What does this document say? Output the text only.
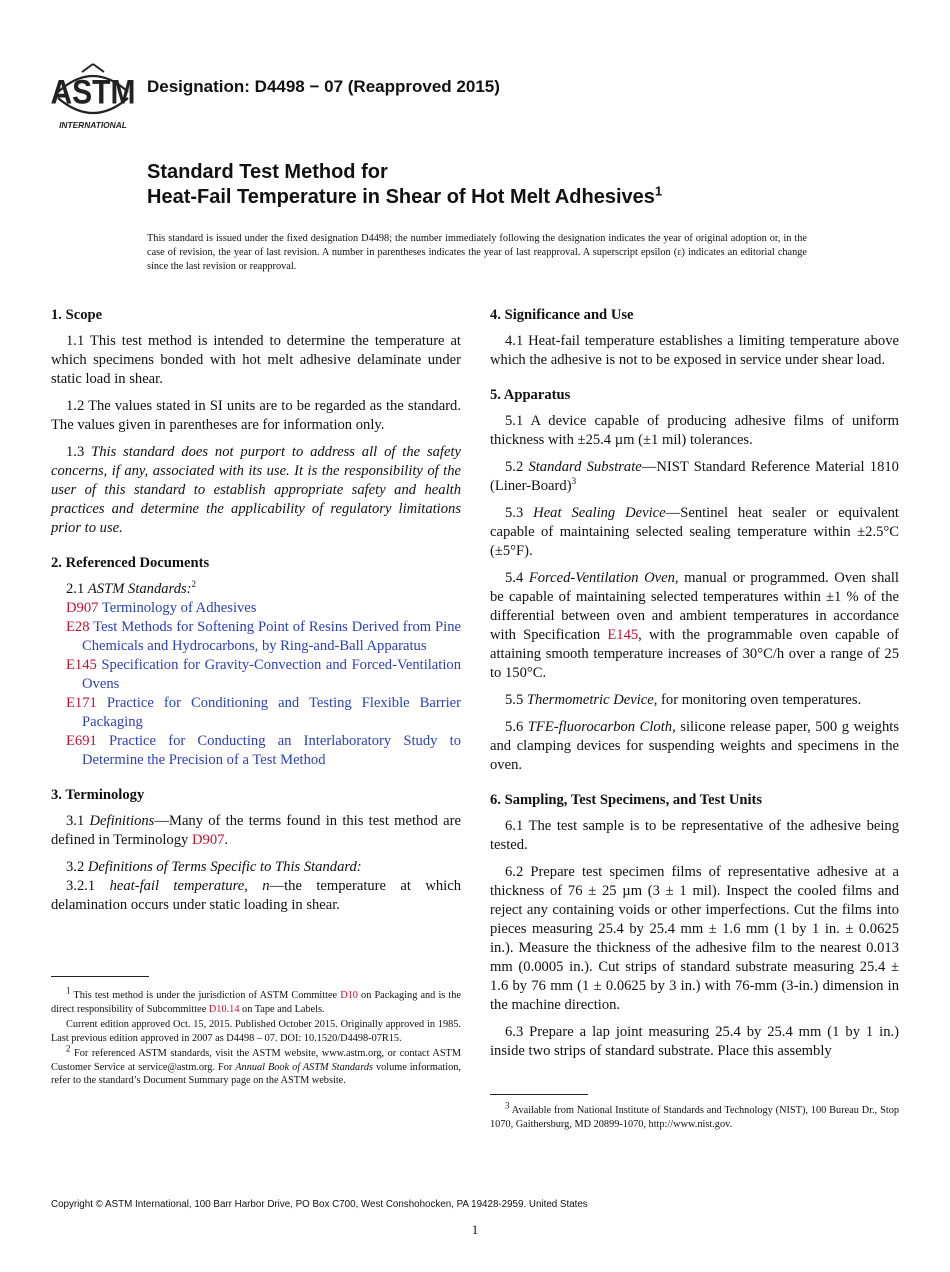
ASTM
INTERNATIONAL
Designation: D4498 − 07 (Reapproved 2015)
Standard Test Method for
Heat-Fail Temperature in Shear of Hot Melt Adhesives$^1$
This standard is issued under the fixed designation D4498; the number immediately following the designation indicates the year of original adoption or, in the case of revision, the year of last revision. A number in parentheses indicates the year of last reapproval. A superscript epsilon (ε) indicates an editorial change since the last revision or reapproval.
1. Scope

1.1 This test method is intended to determine the temperature at which specimens bonded with hot melt adhesive delaminate under static load in shear.

1.2 The values stated in SI units are to be regarded as the standard. The values given in parentheses are for information only.

1.3 This standard does not purport to address all of the safety concerns, if any, associated with its use. It is the responsibility of the user of this standard to establish appropriate safety and health practices and determine the applicability of regulatory limitations prior to use.

2. Referenced Documents

2.1 ASTM Standards:$^2$

D907 Terminology of Adhesives
E28 Test Methods for Softening Point of Resins Derived from Pine Chemicals and Hydrocarbons, by Ring-and-Ball Apparatus
E145 Specification for Gravity-Convection and Forced-Ventilation Ovens
E171 Practice for Conditioning and Testing Flexible Barrier Packaging
E691 Practice for Conducting an Interlaboratory Study to Determine the Precision of a Test Method
3. Terminology

3.1 Definitions—Many of the terms found in this test method are defined in Terminology D907.

3.2 Definitions of Terms Specific to This Standard:

3.2.1 heat-fail temperature, n—the temperature at which delamination occurs under static loading in shear.

$^1$ This test method is under the jurisdiction of ASTM Committee D10 on Packaging and is the direct responsibility of Subcommittee D10.14 on Tape and Labels.

Current edition approved Oct. 15, 2015. Published October 2015. Originally approved in 1985. Last previous edition approved in 2007 as D4498 – 07. DOI: 10.1520/D4498-07R15.

$^2$ For referenced ASTM standards, visit the ASTM website, www.astm.org, or contact ASTM Customer Service at service@astm.org. For Annual Book of ASTM Standards volume information, refer to the standard’s Document Summary page on the ASTM website.

4. Significance and Use

4.1 Heat-fail temperature establishes a limiting temperature above which the adhesive is not to be exposed in service under shear load.

5. Apparatus

5.1 A device capable of producing adhesive films of uniform thickness with ±25.4 µm (±1 mil) tolerances.

5.2 Standard Substrate—NIST Standard Reference Material 1810 (Liner-Board)$^3$

5.3 Heat Sealing Device—Sentinel heat sealer or equivalent capable of maintaining selected sealing temperature within ±2.5°C (±5°F).

5.4 Forced-Ventilation Oven, manual or programmed. Oven shall be capable of maintaining selected temperatures within ±1 % of the differential between oven and ambient temperatures in accordance with Specification E145, with the programmable oven capable of attaining smooth temperature increases of 30°C/h over a range of 25 to 150°C.

5.5 Thermometric Device, for monitoring oven temperatures.

5.6 TFE-fluorocarbon Cloth, silicone release paper, 500 g weights and clamping devices for suspending weights and specimens in the oven.

6. Sampling, Test Specimens, and Test Units

6.1 The test sample is to be representative of the adhesive being tested.

6.2 Prepare test specimen films of representative adhesive at a thickness of 76 ± 25 µm (3 ± 1 mil). Inspect the cooled films and reject any containing voids or other imperfections. Cut the films into pieces measuring 25.4 by 25.4 mm ± 1.6 mm (1 by 1 in. ± 0.0625 in.). Measure the thickness of the adhesive film to the nearest 0.013 mm (0.0005 in.). Cut strips of standard substrate measuring 25.4 ± 1.6 by 76 mm (1 ± 0.0625 by 3 in.) with 76-mm (3-in.) dimension in the machine direction.

6.3 Prepare a lap joint measuring 25.4 by 25.4 mm (1 by 1 in.) inside two strips of standard substrate. Place this assembly

$^3$ Available from National Institute of Standards and Technology (NIST), 100 Bureau Dr., Stop 1070, Gaithersburg, MD 20899-1070, http://www.nist.gov.

Copyright © ASTM International, 100 Barr Harbor Drive, PO Box C700, West Conshohocken, PA 19428-2959. United States
1
